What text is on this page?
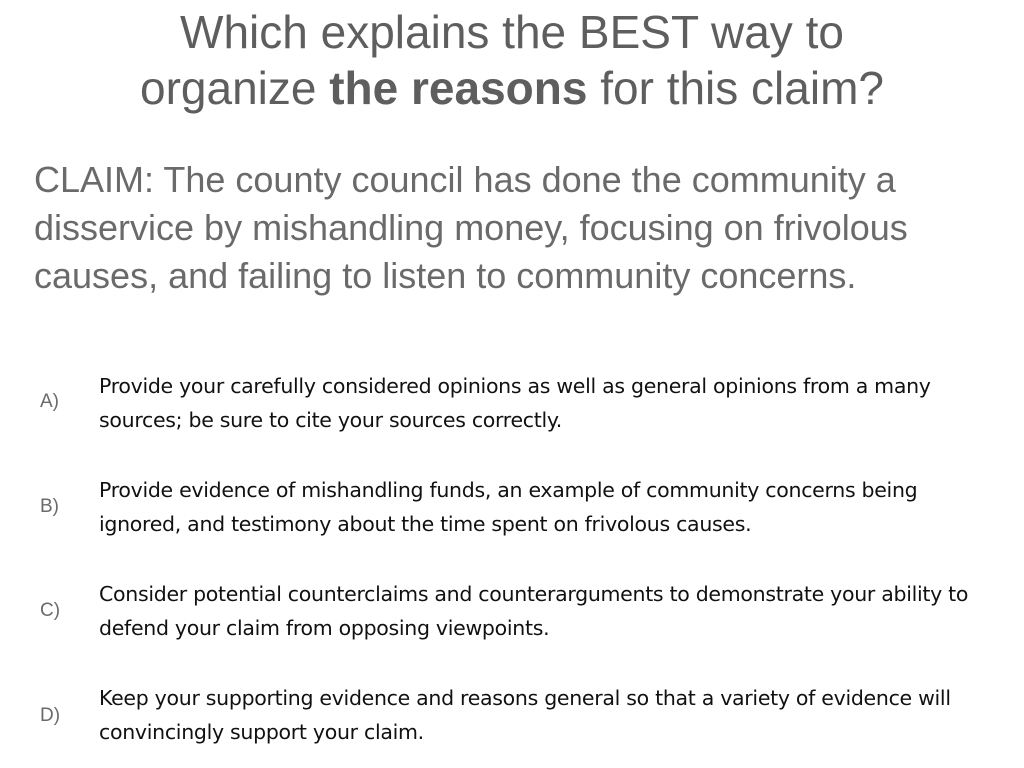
Which explains the BEST way to
organize the reasons for this claim?
CLAIM: The county council has done the community a disservice by mishandling money, focusing on frivolous causes, and failing to listen to community concerns.
A)
Provide your carefully considered opinions as well as general opinions from a many sources; be sure to cite your sources correctly.
B)
Provide evidence of mishandling funds, an example of community concerns being ignored, and testimony about the time spent on frivolous causes.
C)
Consider potential counterclaims and counterarguments to demonstrate your ability to defend your claim from opposing viewpoints.
D)
Keep your supporting evidence and reasons general so that a variety of evidence will convincingly support your claim.
